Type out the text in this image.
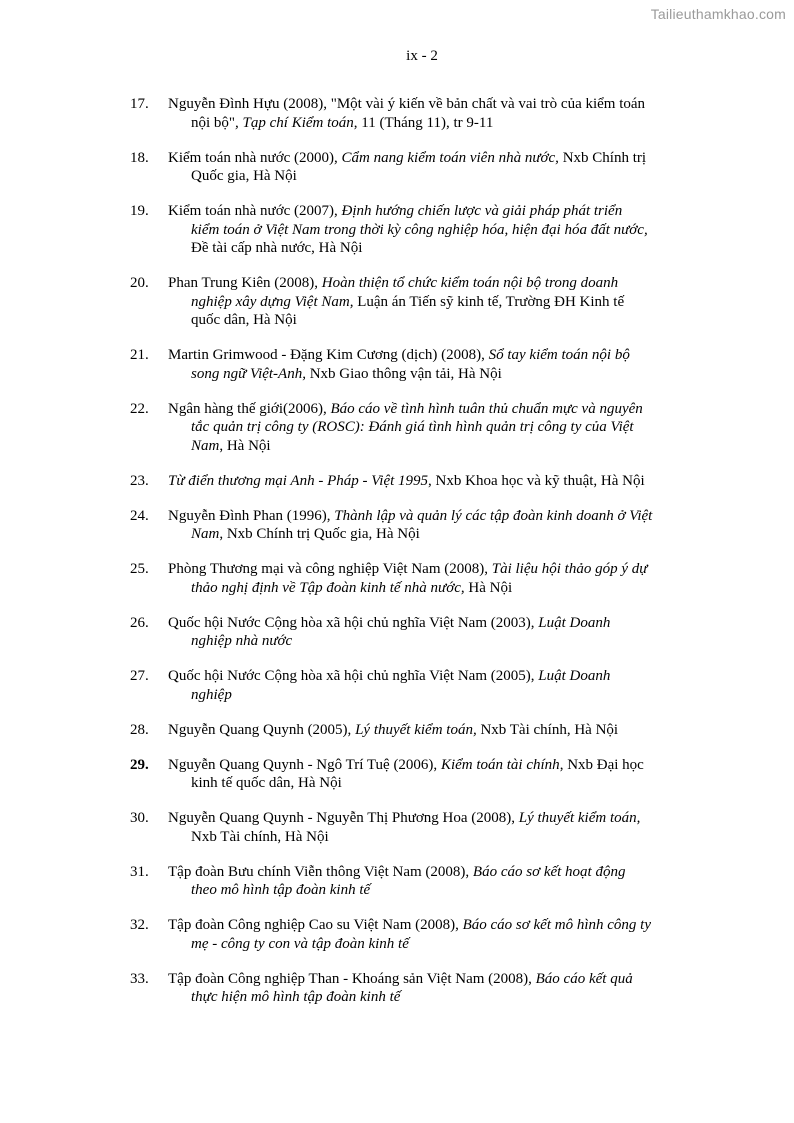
Tailieuthamkhao.com
ix - 2
17.	Nguyễn Đình Hựu (2008), "Một vài ý kiến về bản chất và vai trò của kiểm toán
nội bộ", Tạp chí Kiểm toán, 11 (Tháng 11), tr 9-11
18.	Kiểm toán nhà nước (2000), Cẩm nang kiểm toán viên nhà nước, Nxb Chính trị
Quốc gia, Hà Nội
19.	Kiểm toán nhà nước (2007), Định hướng chiến lược và giải pháp phát triển
kiểm toán ở Việt Nam trong thời kỳ công nghiệp hóa, hiện đại hóa đất nước,
Đề tài cấp nhà nước, Hà Nội
20.	Phan Trung Kiên (2008), Hoàn thiện tổ chức kiểm toán nội bộ trong doanh
nghiệp xây dựng Việt Nam, Luận án Tiến sỹ kinh tế, Trường ĐH Kinh tế
quốc dân, Hà Nội
21.	Martin Grimwood - Đặng Kim Cương (dịch) (2008), Sổ tay kiểm toán nội bộ
song ngữ Việt-Anh, Nxb Giao thông vận tải, Hà Nội
22.	Ngân hàng thế giới(2006), Báo cáo về tình hình tuân thủ chuẩn mực và nguyên
tắc quản trị công ty (ROSC): Đánh giá tình hình quản trị công ty của Việt
Nam, Hà Nội
23.	Từ điển thương mại Anh - Pháp - Việt 1995, Nxb Khoa học và kỹ thuật, Hà Nội
24.	Nguyễn Đình Phan (1996), Thành lập và quản lý các tập đoàn kinh doanh ở Việt
Nam, Nxb Chính trị Quốc gia, Hà Nội
25.	Phòng Thương mại và công nghiệp Việt Nam (2008), Tài liệu hội thảo góp ý dự
thảo nghị định về Tập đoàn kinh tế nhà nước, Hà Nội
26.	Quốc hội Nước Cộng hòa xã hội chủ nghĩa Việt Nam (2003), Luật Doanh
nghiệp nhà nước
27.	Quốc hội Nước Cộng hòa xã hội chủ nghĩa Việt Nam (2005), Luật Doanh
nghiệp
28.	Nguyễn Quang Quynh (2005), Lý thuyết kiểm toán, Nxb Tài chính, Hà Nội
29.	Nguyễn Quang Quynh - Ngô Trí Tuệ (2006), Kiểm toán tài chính, Nxb Đại học
kinh tế quốc dân, Hà Nội
30.	Nguyễn Quang Quynh - Nguyễn Thị Phương Hoa (2008), Lý thuyết kiểm toán,
Nxb Tài chính, Hà Nội
31.	Tập đoàn Bưu chính Viễn thông Việt Nam (2008), Báo cáo sơ kết hoạt động
theo mô hình tập đoàn kinh tế
32.	Tập đoàn Công nghiệp Cao su Việt Nam (2008), Báo cáo sơ kết mô hình công ty
mẹ - công ty con và tập đoàn kinh tế
33.	Tập đoàn Công nghiệp Than - Khoáng sản Việt Nam (2008), Báo cáo kết quả
thực hiện mô hình tập đoàn kinh tế
